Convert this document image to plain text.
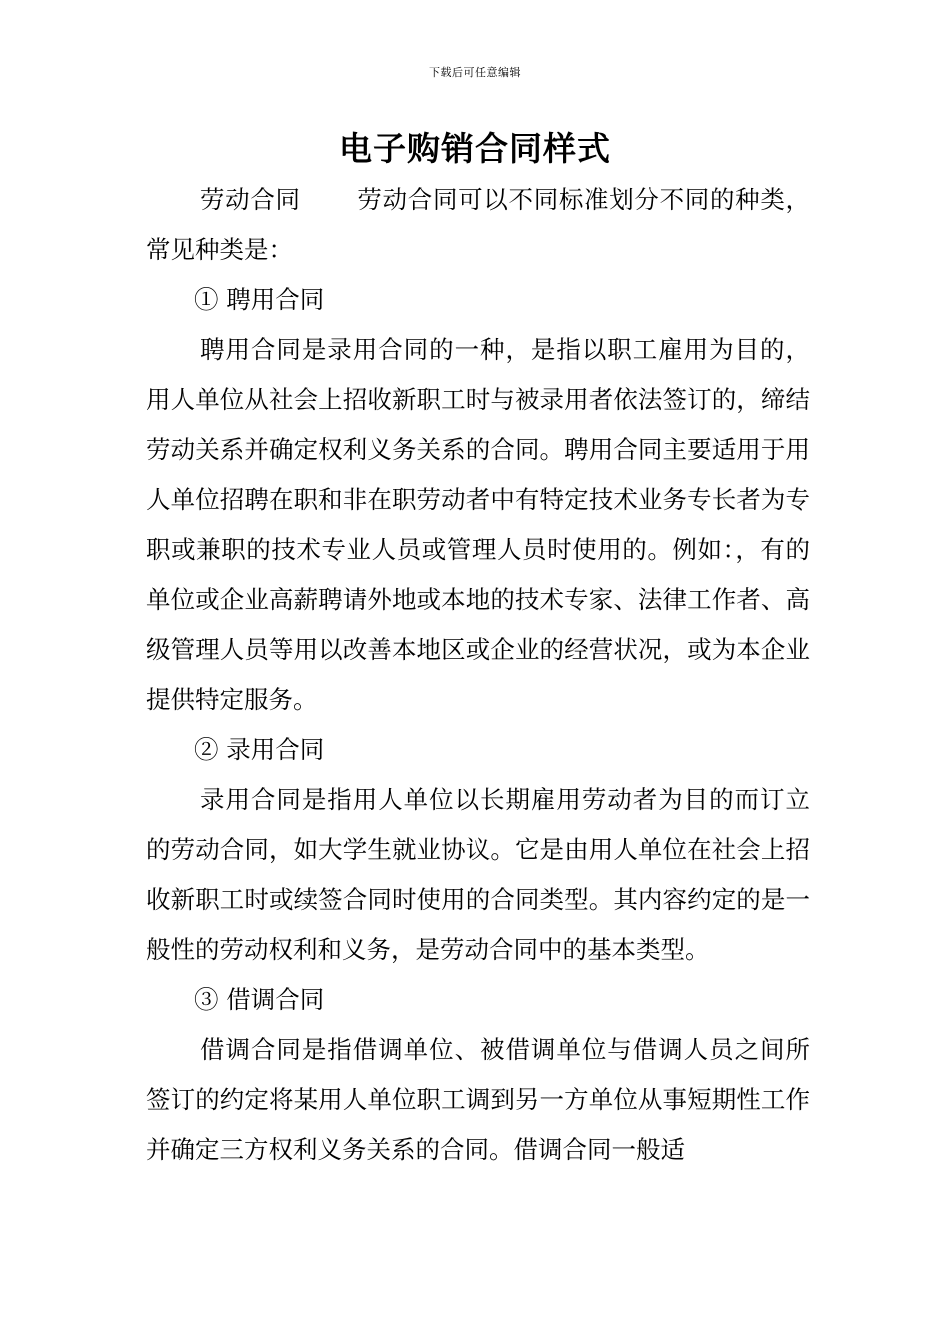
下载后可任意编辑
电子购销合同样式

劳动合同 劳动合同可以不同标准划分不同的种类，常见种类是：

① 聘用合同

聘用合同是录用合同的一种，是指以职工雇用为目的，用人单位从社会上招收新职工时与被录用者依法签订的，缔结劳动关系并确定权利义务关系的合同。聘用合同主要适用于用人单位招聘在职和非在职劳动者中有特定技术业务专长者为专职或兼职的技术专业人员或管理人员时使用的。例如：，有的单位或企业高薪聘请外地或本地的技术专家、法律工作者、高级管理人员等用以改善本地区或企业的经营状况，或为本企业提供特定服务。

② 录用合同

录用合同是指用人单位以长期雇用劳动者为目的而订立的劳动合同，如大学生就业协议。它是由用人单位在社会上招收新职工时或续签合同时使用的合同类型。其内容约定的是一般性的劳动权利和义务，是劳动合同中的基本类型。

③ 借调合同

借调合同是指借调单位、被借调单位与借调人员之间所签订的约定将某用人单位职工调到另一方单位从事短期性工作并确定三方权利义务关系的合同。借调合同一般适
